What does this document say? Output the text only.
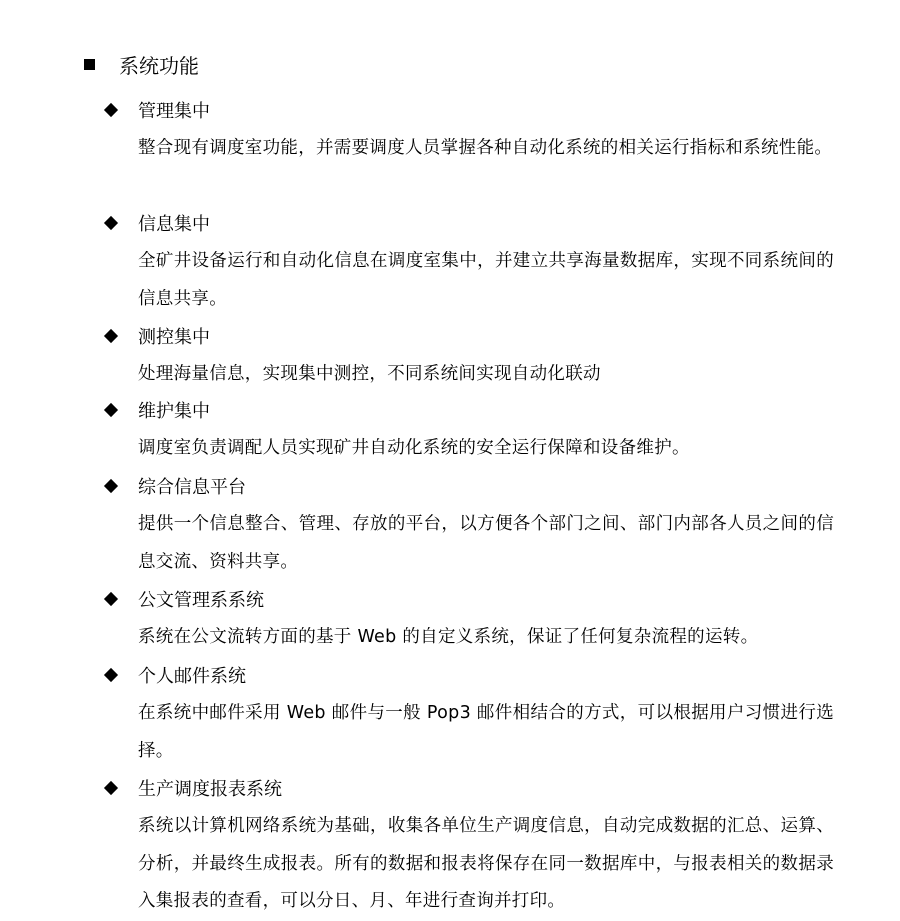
系统功能
管理集中
整合现有调度室功能，并需要调度人员掌握各种自动化系统的相关运行指标和系统性能。
信息集中
全矿井设备运行和自动化信息在调度室集中，并建立共享海量数据库，实现不同系统间的信息共享。
测控集中
处理海量信息，实现集中测控，不同系统间实现自动化联动
维护集中
调度室负责调配人员实现矿井自动化系统的安全运行保障和设备维护。
综合信息平台
提供一个信息整合、管理、存放的平台，以方便各个部门之间、部门内部各人员之间的信息交流、资料共享。
公文管理系系统
系统在公文流转方面的基于 Web 的自定义系统，保证了任何复杂流程的运转。
个人邮件系统
在系统中邮件采用 Web 邮件与一般 Pop3 邮件相结合的方式，可以根据用户习惯进行选择。
生产调度报表系统
系统以计算机网络系统为基础，收集各单位生产调度信息，自动完成数据的汇总、运算、分析，并最终生成报表。所有的数据和报表将保存在同一数据库中，与报表相关的数据录入集报表的查看，可以分日、月、年进行查询并打印。
